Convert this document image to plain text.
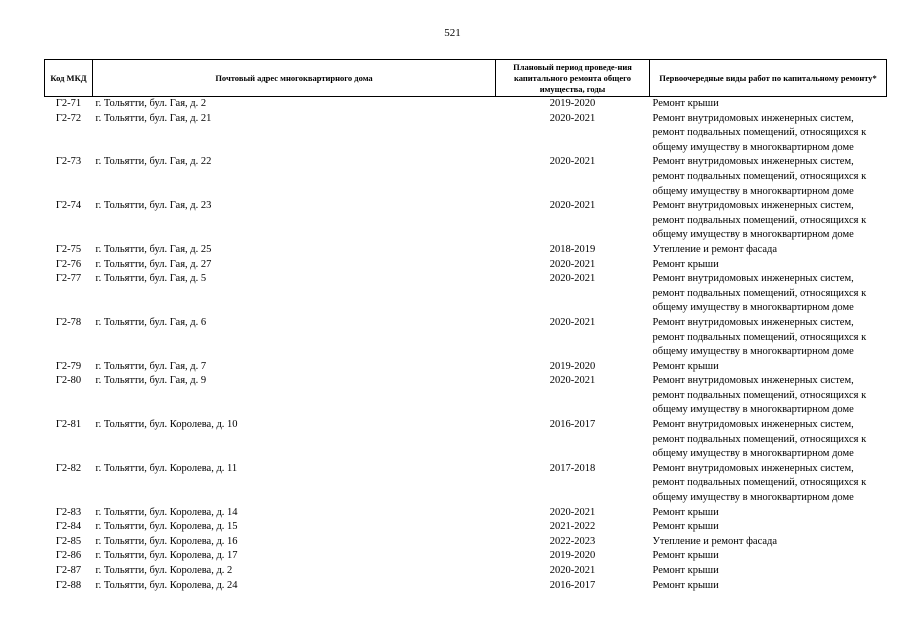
521
Код МКД	Почтовый адрес многоквартирного дома	Плановый период проведе-ния капитального ремонта общего имущества, годы	Первоочередные виды работ по капитальному ремонту*
Г2-71	г. Тольятти, бул. Гая, д. 2	2019-2020	Ремонт крыши

Г2-72	г. Тольятти, бул. Гая, д. 21	2020-2021	Ремонт внутридомовых инженерных систем,
ремонт подвальных помещений, относящихся к
общему имуществу в многоквартирном доме

Г2-73	г. Тольятти, бул. Гая, д. 22	2020-2021	Ремонт внутридомовых инженерных систем,
ремонт подвальных помещений, относящихся к
общему имуществу в многоквартирном доме

Г2-74	г. Тольятти, бул. Гая, д. 23	2020-2021	Ремонт внутридомовых инженерных систем,
ремонт подвальных помещений, относящихся к
общему имуществу в многоквартирном доме

Г2-75	г. Тольятти, бул. Гая, д. 25	2018-2019	Утепление и ремонт фасада

Г2-76	г. Тольятти, бул. Гая, д. 27	2020-2021	Ремонт крыши

Г2-77	г. Тольятти, бул. Гая, д. 5	2020-2021	Ремонт внутридомовых инженерных систем,
ремонт подвальных помещений, относящихся к
общему имуществу в многоквартирном доме

Г2-78	г. Тольятти, бул. Гая, д. 6	2020-2021	Ремонт внутридомовых инженерных систем,
ремонт подвальных помещений, относящихся к
общему имуществу в многоквартирном доме

Г2-79	г. Тольятти, бул. Гая, д. 7	2019-2020	Ремонт крыши

Г2-80	г. Тольятти, бул. Гая, д. 9	2020-2021	Ремонт внутридомовых инженерных систем,
ремонт подвальных помещений, относящихся к
общему имуществу в многоквартирном доме

Г2-81	г. Тольятти, бул. Королева, д. 10	2016-2017	Ремонт внутридомовых инженерных систем,
ремонт подвальных помещений, относящихся к
общему имуществу в многоквартирном доме

Г2-82	г. Тольятти, бул. Королева, д. 11	2017-2018	Ремонт внутридомовых инженерных систем,
ремонт подвальных помещений, относящихся к
общему имуществу в многоквартирном доме

Г2-83	г. Тольятти, бул. Королева, д. 14	2020-2021	Ремонт крыши

Г2-84	г. Тольятти, бул. Королева, д. 15	2021-2022	Ремонт крыши

Г2-85	г. Тольятти, бул. Королева, д. 16	2022-2023	Утепление и ремонт фасада

Г2-86	г. Тольятти, бул. Королева, д. 17	2019-2020	Ремонт крыши

Г2-87	г. Тольятти, бул. Королева, д. 2	2020-2021	Ремонт крыши

Г2-88	г. Тольятти, бул. Королева, д. 24	2016-2017	Ремонт крыши
